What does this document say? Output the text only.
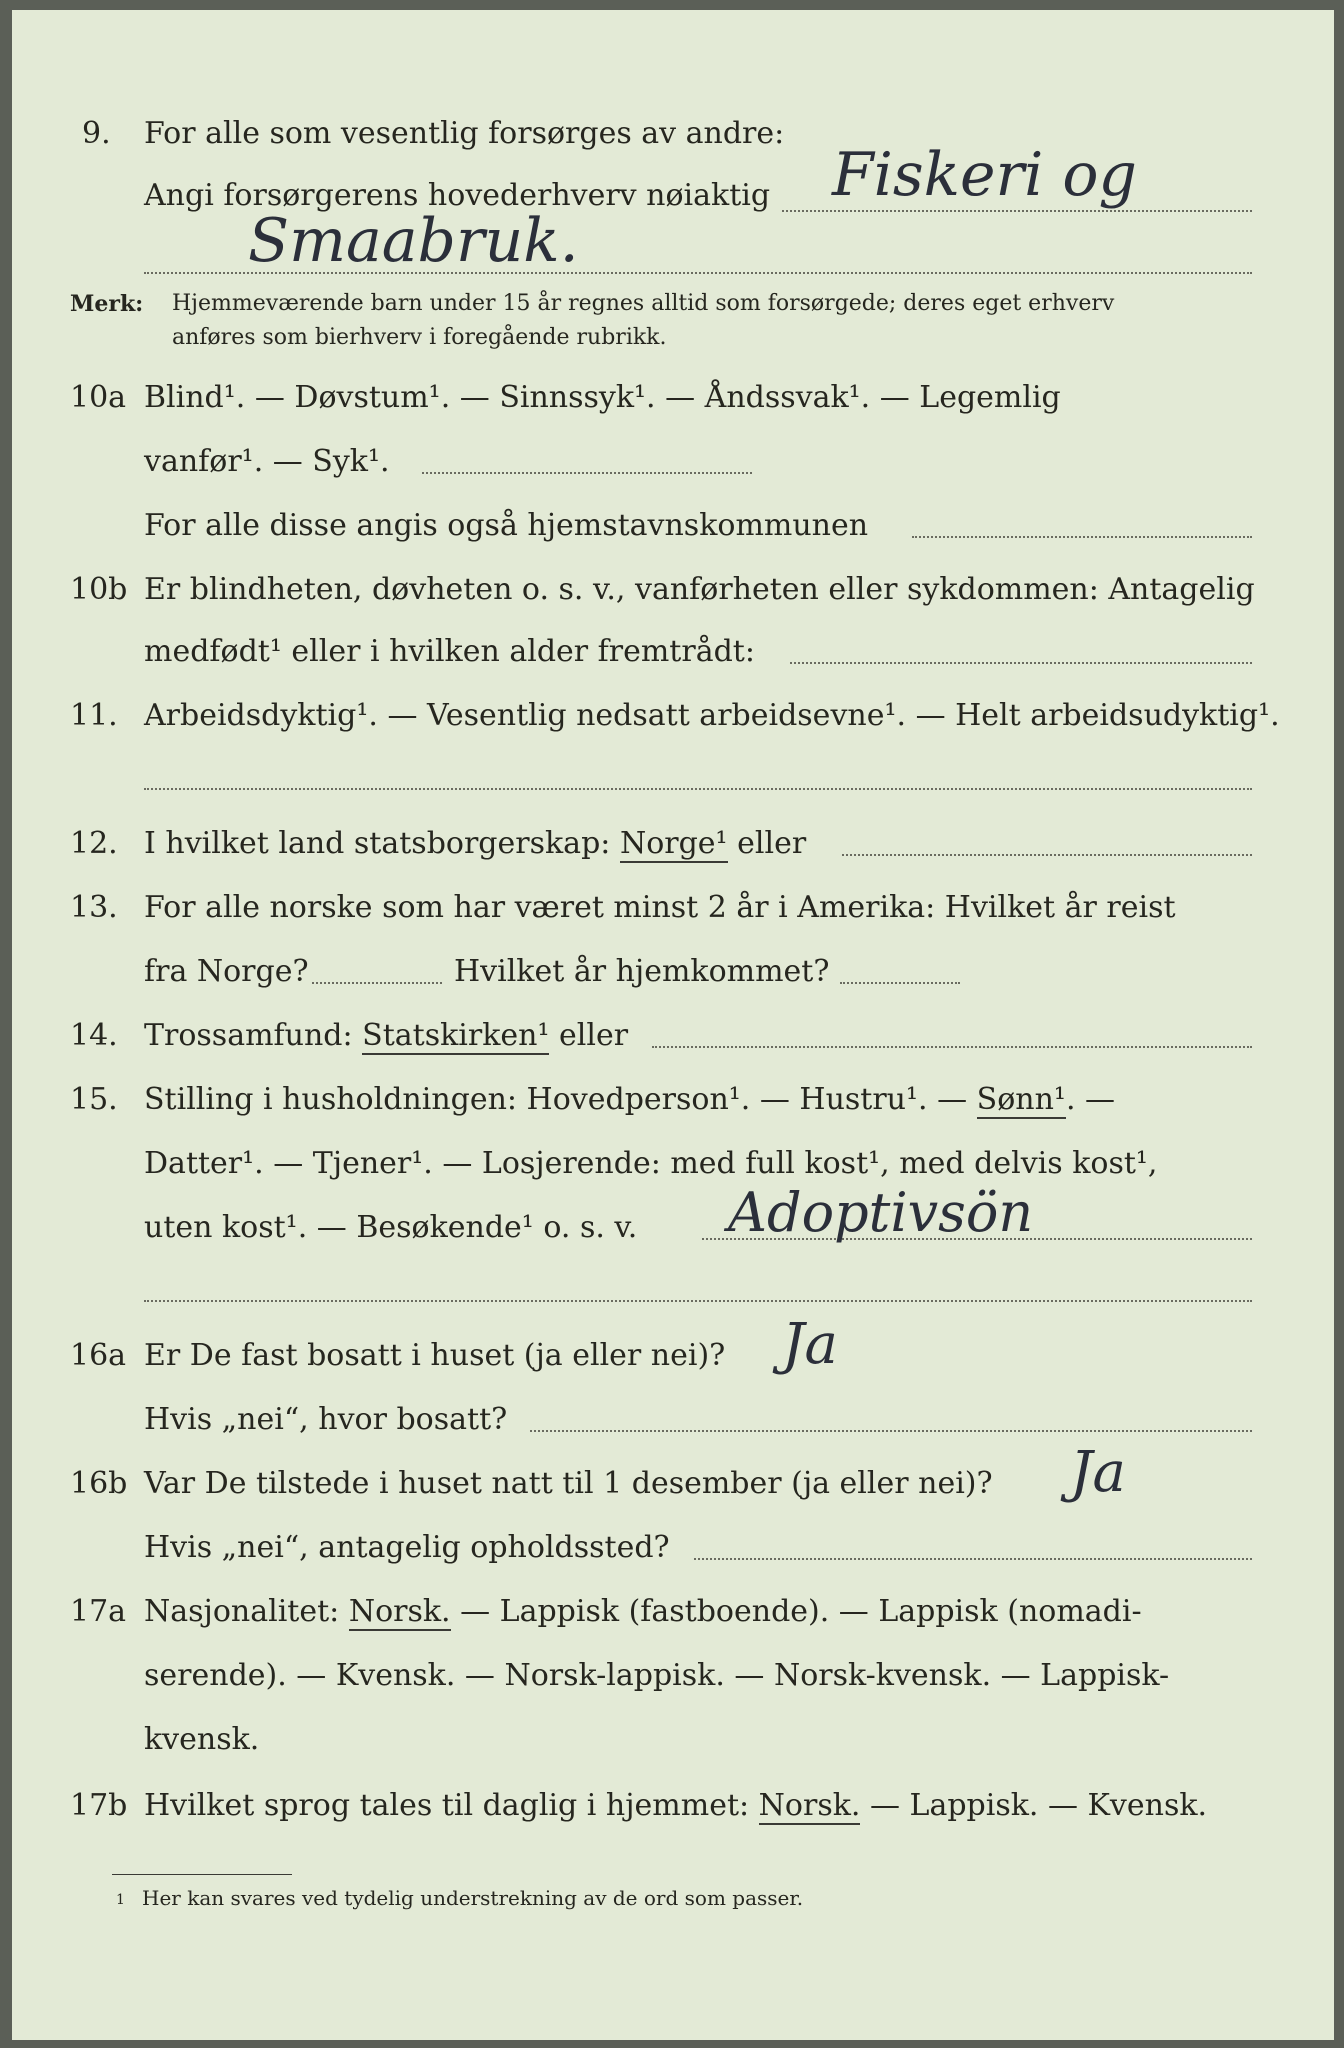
9. For alle som vesentlig forsørges av andre:
Angi forsørgerens hovederhverv nøiaktig Fiskeri og
Smaabruk.
Merk: Hjemmeværende barn under 15 år regnes alltid som forsørgede; deres eget erhverv
anføres som bierhverv i foregående rubrikk.
10a Blind¹. — Døvstum¹. — Sinnssyk¹. — Åndssvak¹. — Legemlig
vanfør¹. — Syk¹.
For alle disse angis også hjemstavnskommunen
10b Er blindheten, døvheten o. s. v., vanførheten eller sykdommen: Antagelig
medfødt¹ eller i hvilken alder fremtrådt:
11. Arbeidsdyktig¹. — Vesentlig nedsatt arbeidsevne¹. — Helt arbeidsudyktig¹.
12. I hvilket land statsborgerskap: Norge¹ eller
13. For alle norske som har været minst 2 år i Amerika: Hvilket år reist
fra Norge?	Hvilket år hjemkommet?
14. Trossamfund: Statskirken¹ eller
15. Stilling i husholdningen: Hovedperson¹. — Hustru¹. — Sønn¹. —
Datter¹. — Tjener¹. — Losjerende: med full kost¹, med delvis kost¹,
uten kost¹. — Besøkende¹ o. s. v. Adoptivsön
16a Er De fast bosatt i huset (ja eller nei)? Ja
Hvis „nei“, hvor bosatt?
16b Var De tilstede i huset natt til 1 desember (ja eller nei)? Ja
Hvis „nei“, antagelig opholdssted?
17a Nasjonalitet: Norsk. — Lappisk (fastboende). — Lappisk (nomadi-
serende). — Kvensk. — Norsk-lappisk. — Norsk-kvensk. — Lappisk-
kvensk.
17b Hvilket sprog tales til daglig i hjemmet: Norsk. — Lappisk. — Kvensk.
1 Her kan svares ved tydelig understrekning av de ord som passer.
